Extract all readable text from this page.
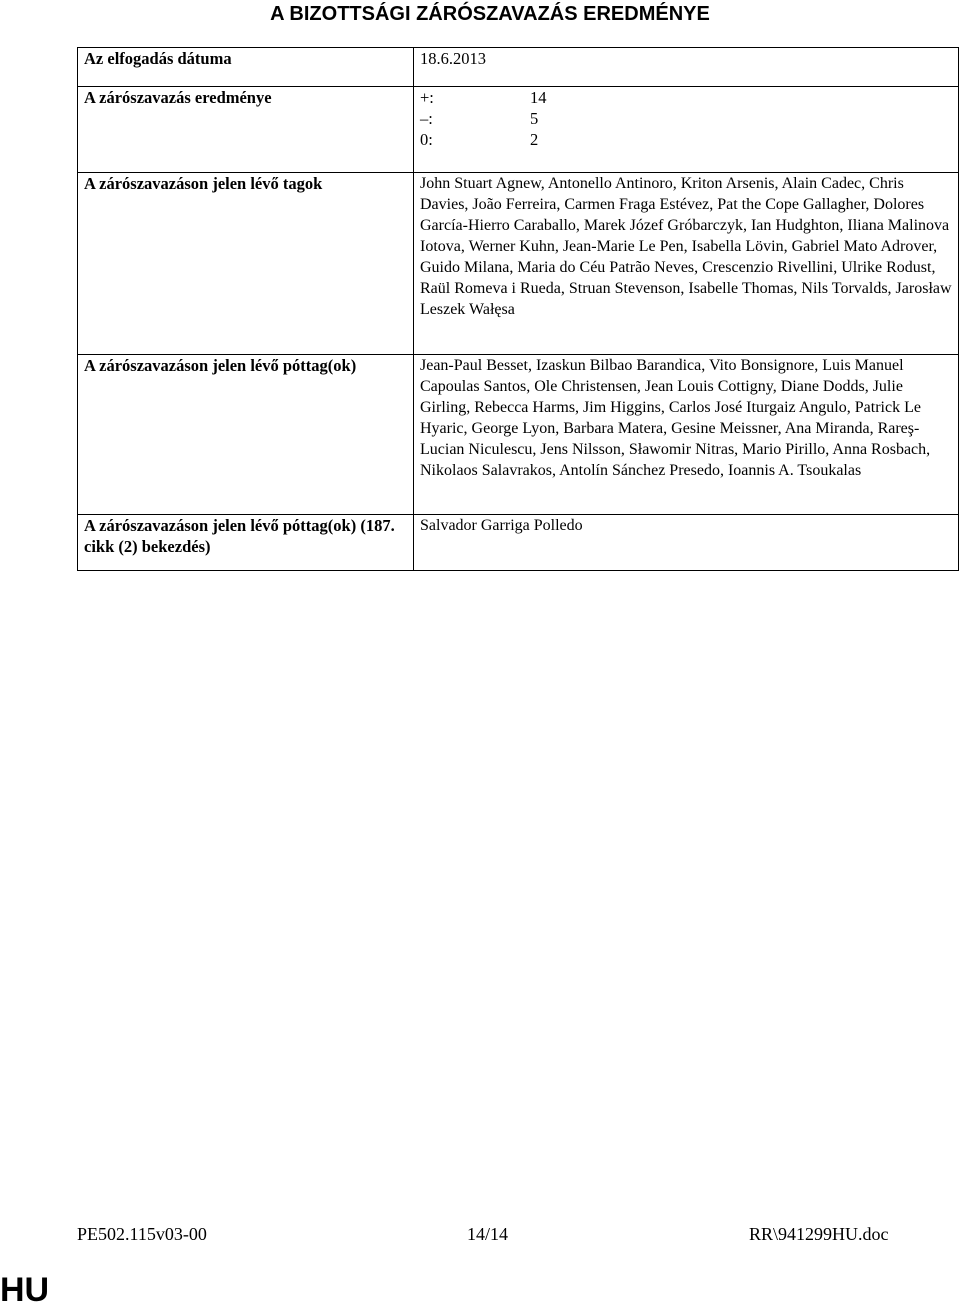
A BIZOTTSÁGI ZÁRÓSZAVAZÁS EREDMÉNYE
Az elfogadás dátuma	18.6.2013
A zárószavazás eredménye	+: 14
–: 5
0: 2

A zárószavazáson jelen lévő tagok	John Stuart Agnew, Antonello Antinoro, Kriton Arsenis, Alain Cadec, Chris Davies, João Ferreira, Carmen Fraga Estévez, Pat the Cope Gallagher, Dolores García-Hierro Caraballo, Marek Józef Gróbarczyk, Ian Hudghton, Iliana Malinova Iotova, Werner Kuhn, Jean-Marie Le Pen, Isabella Lövin, Gabriel Mato Adrover, Guido Milana, Maria do Céu Patrão Neves, Crescenzio Rivellini, Ulrike Rodust, Raül Romeva i Rueda, Struan Stevenson, Isabelle Thomas, Nils Torvalds, Jarosław Leszek Wałęsa
A zárószavazáson jelen lévő póttag(ok)	Jean-Paul Besset, Izaskun Bilbao Barandica, Vito Bonsignore, Luis Manuel Capoulas Santos, Ole Christensen, Jean Louis Cottigny, Diane Dodds, Julie Girling, Rebecca Harms, Jim Higgins, Carlos José Iturgaiz Angulo, Patrick Le Hyaric, George Lyon, Barbara Matera, Gesine Meissner, Ana Miranda, Rareş-Lucian Niculescu, Jens Nilsson, Sławomir Nitras, Mario Pirillo, Anna Rosbach, Nikolaos Salavrakos, Antolín Sánchez Presedo, Ioannis A. Tsoukalas
A zárószavazáson jelen lévő póttag(ok) (187. cikk (2) bekezdés)	Salvador Garriga Polledo
PE502.115v03-00	14/14	RR\941299HU.doc
HU
